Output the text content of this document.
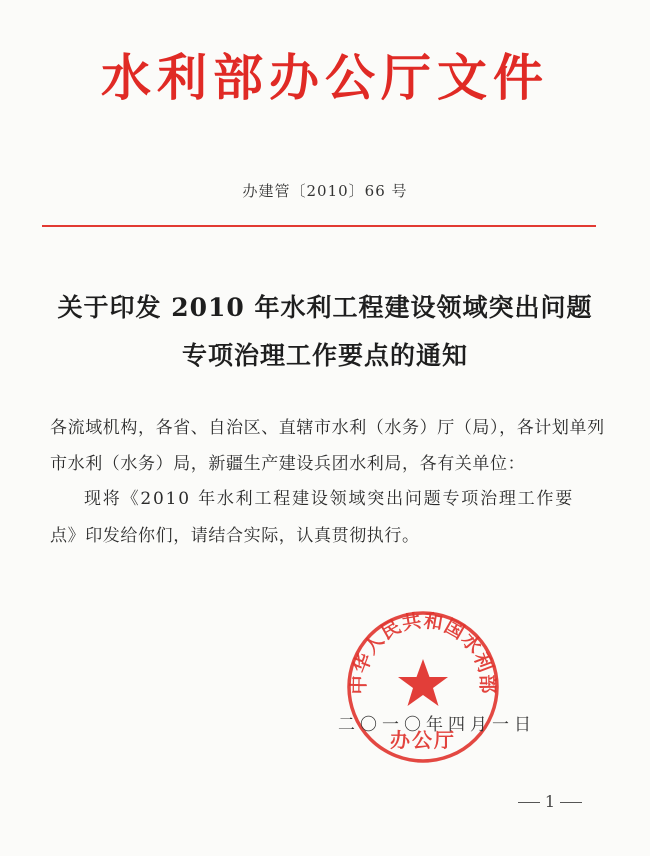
水利部办公厅文件
办建管〔2010〕66 号
关于印发 2010 年水利工程建设领域突出问题
专项治理工作要点的通知
各流域机构，各省、自治区、直辖市水利（水务）厅（局），各计划单列
市水利（水务）局，新疆生产建设兵团水利局，各有关单位：
现将《2010 年水利工程建设领域突出问题专项治理工作要
点》印发给你们，请结合实际，认真贯彻执行。
中华人民共和国水利部
办公厅
二〇一〇年四月一日
1
